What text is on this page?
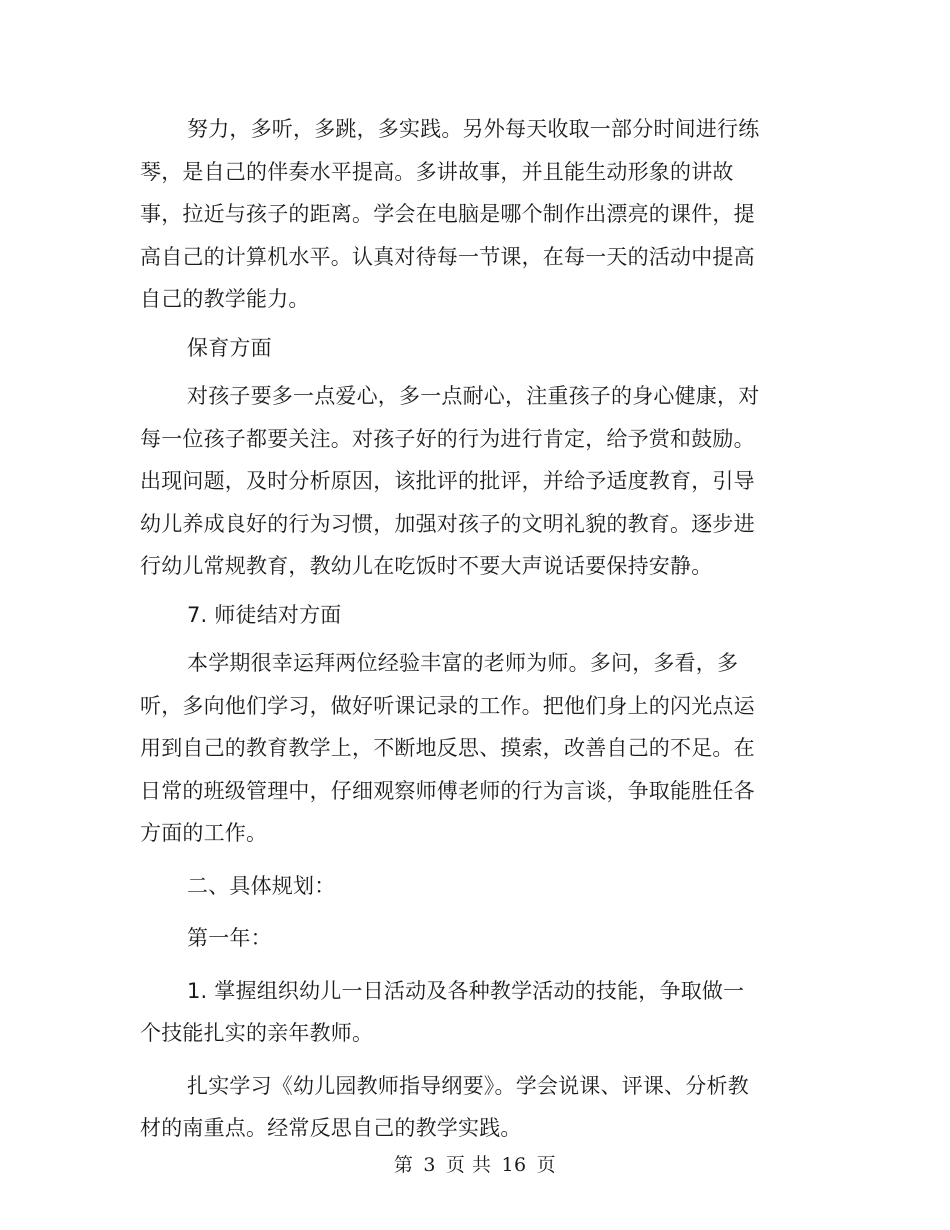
努力，多听，多跳，多实践。另外每天收取一部分时间进行练琴，是自己的伴奏水平提高。多讲故事，并且能生动形象的讲故事，拉近与孩子的距离。学会在电脑是哪个制作出漂亮的课件，提高自己的计算机水平。认真对待每一节课，在每一天的活动中提高自己的教学能力。

保育方面

对孩子要多一点爱心，多一点耐心，注重孩子的身心健康，对每一位孩子都要关注。对孩子好的行为进行肯定，给予赏和鼓励。出现问题，及时分析原因，该批评的批评，并给予适度教育，引导幼儿养成良好的行为习惯，加强对孩子的文明礼貌的教育。逐步进行幼儿常规教育，教幼儿在吃饭时不要大声说话要保持安静。

7. 师徒结对方面

本学期很幸运拜两位经验丰富的老师为师。多问，多看，多听，多向他们学习，做好听课记录的工作。把他们身上的闪光点运用到自己的教育教学上，不断地反思、摸索，改善自己的不足。在日常的班级管理中，仔细观察师傅老师的行为言谈，争取能胜任各方面的工作。

二、具体规划：

第一年：

1. 掌握组织幼儿一日活动及各种教学活动的技能，争取做一个技能扎实的亲年教师。

扎实学习《幼儿园教师指导纲要》。学会说课、评课、分析教材的南重点。经常反思自己的教学实践。

第 3 页 共 16 页
